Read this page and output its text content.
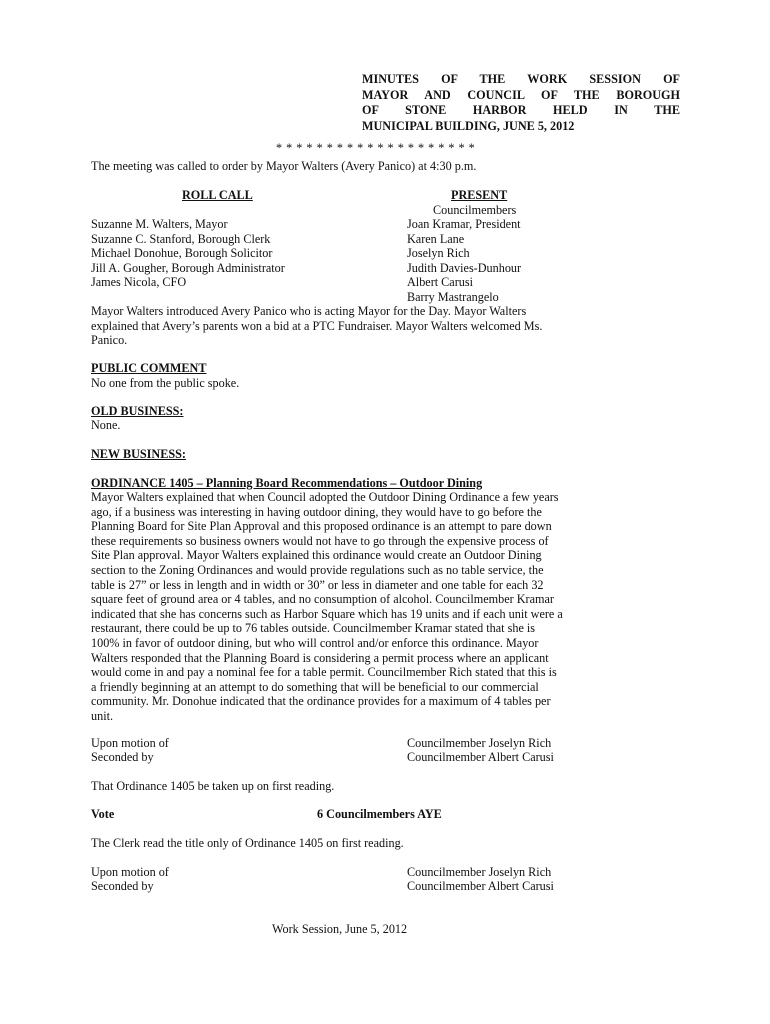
MINUTES OF THE WORK SESSION OF
MAYOR AND COUNCIL OF THE BOROUGH
OF STONE HARBOR HELD IN THE
MUNICIPAL BUILDING, JUNE 5, 2012
* * * * * * * * * * * * * * * * * * * *
The meeting was called to order by Mayor Walters (Avery Panico) at 4:30 p.m.
ROLL CALL	PRESENT
Councilmembers
Suzanne M. Walters, Mayor
Suzanne C. Stanford, Borough Clerk
Michael Donohue, Borough Solicitor
Jill A. Gougher, Borough Administrator
James Nicola, CFO
Joan Kramar, President
Karen Lane
Joselyn Rich
Judith Davies-Dunhour
Albert Carusi
Barry Mastrangelo
Mayor Walters introduced Avery Panico who is acting Mayor for the Day. Mayor Walters
explained that Avery’s parents won a bid at a PTC Fundraiser. Mayor Walters welcomed Ms.
Panico.
PUBLIC COMMENT
No one from the public spoke.
OLD BUSINESS:
None.
NEW BUSINESS:
ORDINANCE 1405 – Planning Board Recommendations – Outdoor Dining
Mayor Walters explained that when Council adopted the Outdoor Dining Ordinance a few years
ago, if a business was interesting in having outdoor dining, they would have to go before the
Planning Board for Site Plan Approval and this proposed ordinance is an attempt to pare down
these requirements so business owners would not have to go through the expensive process of
Site Plan approval. Mayor Walters explained this ordinance would create an Outdoor Dining
section to the Zoning Ordinances and would provide regulations such as no table service, the
table is 27” or less in length and in width or 30” or less in diameter and one table for each 32
square feet of ground area or 4 tables, and no consumption of alcohol. Councilmember Kramar
indicated that she has concerns such as Harbor Square which has 19 units and if each unit were a
restaurant, there could be up to 76 tables outside. Councilmember Kramar stated that she is
100% in favor of outdoor dining, but who will control and/or enforce this ordinance. Mayor
Walters responded that the Planning Board is considering a permit process where an applicant
would come in and pay a nominal fee for a table permit. Councilmember Rich stated that this is
a friendly beginning at an attempt to do something that will be beneficial to our commercial
community. Mr. Donohue indicated that the ordinance provides for a maximum of 4 tables per
unit.
Upon motion of	Councilmember Joselyn Rich
Seconded by	Councilmember Albert Carusi
That Ordinance 1405 be taken up on first reading.
Vote	6 Councilmembers AYE
The Clerk read the title only of Ordinance 1405 on first reading.
Upon motion of	Councilmember Joselyn Rich
Seconded by	Councilmember Albert Carusi
Work Session, June 5, 2012
